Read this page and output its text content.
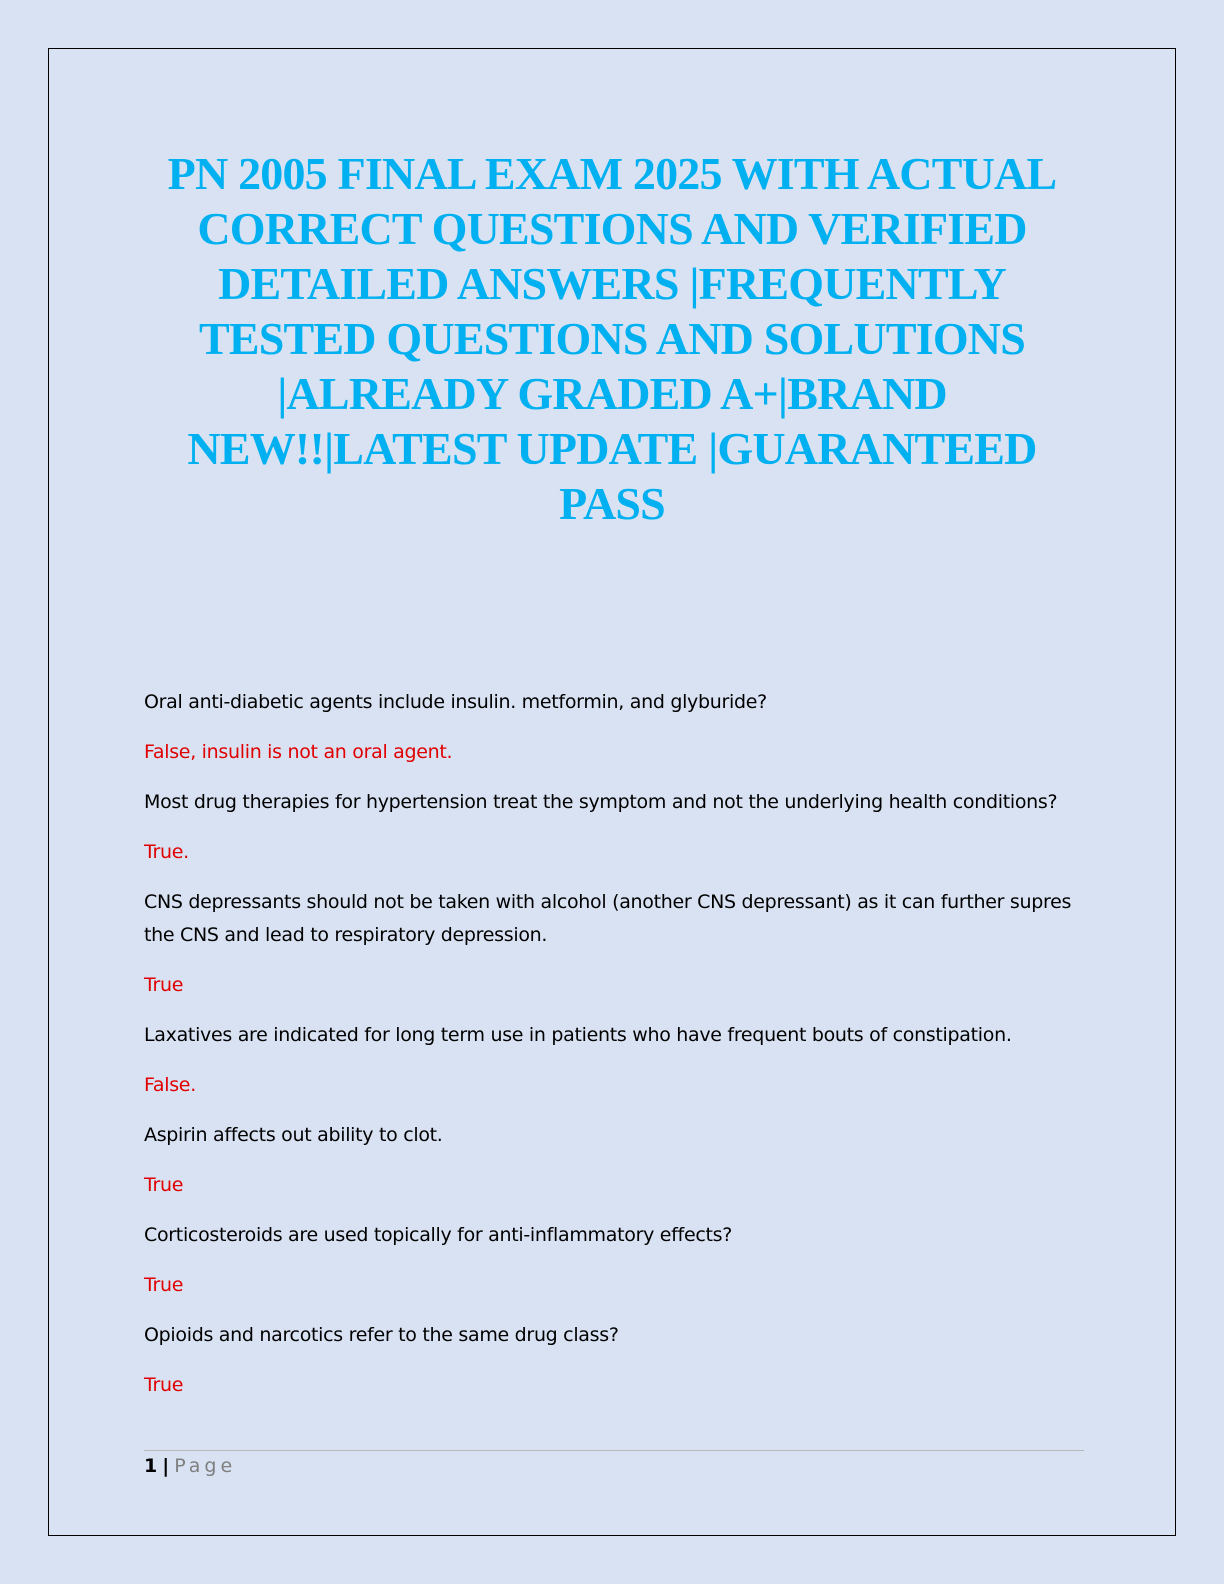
PN 2005 FINAL EXAM 2025 WITH ACTUAL CORRECT QUESTIONS AND VERIFIED DETAILED ANSWERS |FREQUENTLY TESTED QUESTIONS AND SOLUTIONS |ALREADY GRADED A+|BRAND NEW!!|LATEST UPDATE |GUARANTEED PASS

Oral anti-diabetic agents include insulin. metformin, and glyburide?

False, insulin is not an oral agent.

Most drug therapies for hypertension treat the symptom and not the underlying health conditions?

True.

CNS depressants should not be taken with alcohol (another CNS depressant) as it can further supres the CNS and lead to respiratory depression.

True

Laxatives are indicated for long term use in patients who have frequent bouts of constipation.

False.

Aspirin affects out ability to clot.

True

Corticosteroids are used topically for anti-inflammatory effects?

True

Opioids and narcotics refer to the same drug class?

True

1 | Page
